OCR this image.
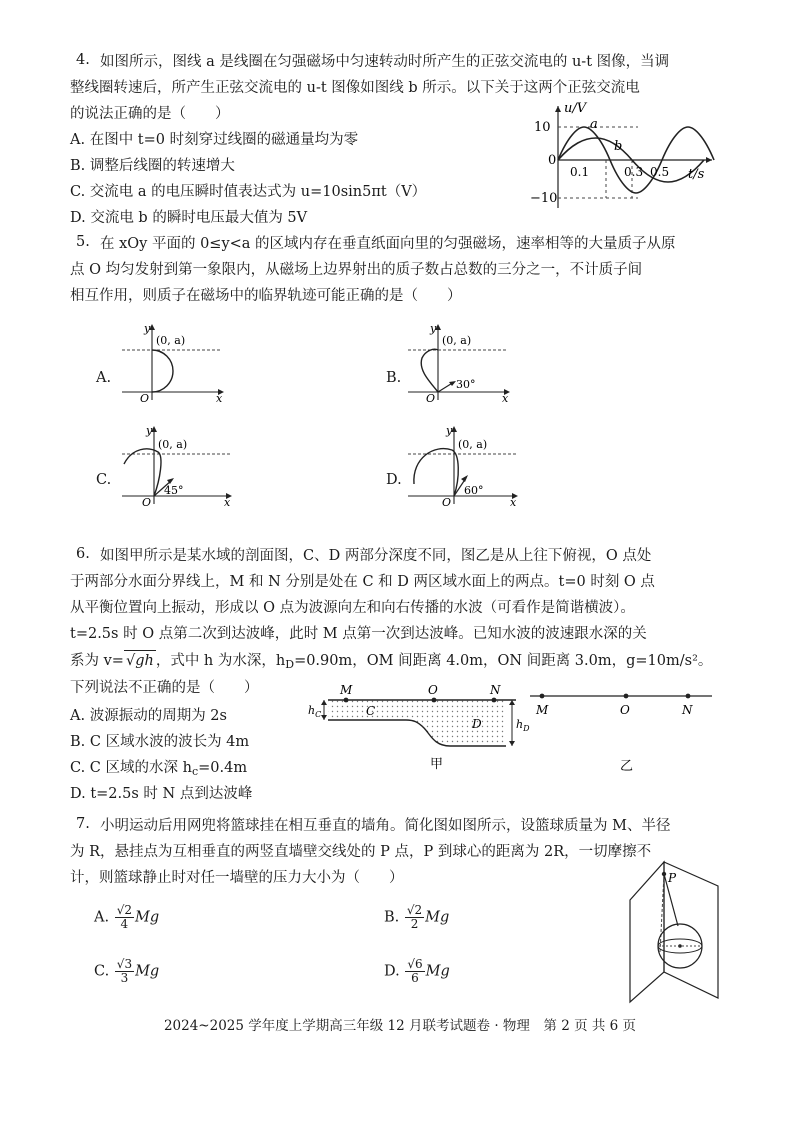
4. 如图所示，图线 a 是线圈在匀强磁场中匀速转动时所产生的正弦交流电的 u-t 图像，当调
整线圈转速后，所产生正弦交流电的 u-t 图像如图线 b 所示。以下关于这两个正弦交流电
的说法正确的是（　　）
A. 在图中 t=0 时刻穿过线圈的磁通量均为零
B. 调整后线圈的转速增大
C. 交流电 a 的电压瞬时值表达式为 u=10sin5πt（V）
D. 交流电 b 的瞬时电压最大值为 5V
10
−10
0
u/V
t/s
0.1	0.3 0.5
a
b
5. 在 xOy 平面的 0≤y<a 的区域内存在垂直纸面向里的匀强磁场，速率相等的大量质子从原
点 O 均匀发射到第一象限内，从磁场上边界射出的质子数占总数的三分之一，不计质子间
相互作用，则质子在磁场中的临界轨迹可能正确的是（　　）
A.
y
x
O
(0, a)
B.
y
x
O
(0, a)
30°
C.
y
x
O
(0, a)
45°
D.
y
x
O
(0, a)
60°
6. 如图甲所示是某水域的剖面图，C、D 两部分深度不同，图乙是从上往下俯视，O 点处
于两部分水面分界线上，M 和 N 分别是处在 C 和 D 两区域水面上的两点。t=0 时刻 O 点
从平衡位置向上振动，形成以 O 点为波源向左和向右传播的水波（可看作是简谐横波）。
t=2.5s 时 O 点第二次到达波峰，此时 M 点第一次到达波峰。已知水波的波速跟水深的关
系为 v= √gh ，式中 h 为水深，$h_D=0.90m$，OM 间距离 4.0m，ON 间距离 3.0m，g=10m/s²。
下列说法不正确的是（　　）
A. 波源振动的周期为 2s
B. C 区域水波的波长为 4m
C. C 区域的水深 $h_c=0.4m$
D. t=2.5s 时 N 点到达波峰
M	O	N
C
D
$h_C$
$h_D$
甲
M	O	N
乙
7. 小明运动后用网兜将篮球挂在相互垂直的墙角。简化图如图所示，设篮球质量为 M、半径
为 R，悬挂点为互相垂直的两竖直墙壁交线处的 P 点，P 到球心的距离为 2R，一切摩擦不
计，则篮球静止时对任一墙壁的压力大小为（　　）
A. $\frac{√2}{4}$ Mg	B. $\frac{√2}{2}$ Mg
C. $\frac{√3}{3}$ Mg	D. $\frac{√6}{6}$ Mg
P
2024~2025 学年度上学期高三年级 12 月联考试题卷 · 物理　第 2 页 共 6 页
